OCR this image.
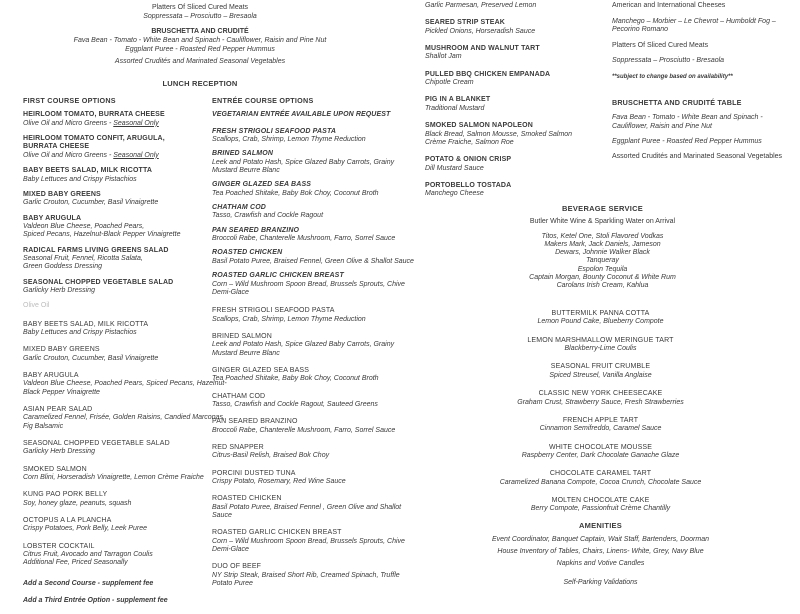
Platters Of Sliced Cured Meats
Soppressata – Prosciutto – Bresaola
BRUSCHETTA AND CRUDITÉ
Fava Bean - Tomato - White Bean and Spinach - Cauliflower, Raisin and Pine Nut
Eggplant Puree - Roasted Red Pepper Hummus
Assorted Crudités and Marinated Seasonal Vegetables
LUNCH RECEPTION
Garlic Parmesan, Preserved Lemon
SEARED STRIP STEAK
Pickled Onions, Horseradish Sauce
MUSHROOM AND WALNUT TART
Shallot Jam
PULLED BBQ CHICKEN EMPANADA
Chipotle Cream
PIG IN A BLANKET
Traditional Mustard
SMOKED SALMON NAPOLEON
Black Bread, Salmon Mousse, Smoked Salmon
Crème Fraiche, Salmon Roe
POTATO & ONION CRISP
Dill Mustard Sauce
PORTOBELLO TOSTADA
Manchego Cheese
American and International Cheeses
Manchego – Morbier – Le Chevrot – Humboldt Fog –
Pecorino Romano
Platters Of Sliced Cured Meats
Soppressata – Prosciutto - Bresaola
**subject to change based on availability**
FIRST COURSE OPTIONS
HEIRLOOM TOMATO, BURRATA CHEESE
Olive Oil and Micro Greens - Seasonal Only
HEIRLOOM TOMATO CONFIT, ARUGULA, BURRATA CHEESE
Olive Oil and Micro Greens - Seasonal Only
BABY BEETS SALAD, MILK RICOTTA
Baby Lettuces and Crispy Pistachios
MIXED BABY GREENS
Garlic Crouton, Cucumber, Basil Vinaigrette
BABY ARUGULA
Valdeon Blue Cheese, Poached Pears,
Spiced Pecans, Hazelnut-Black Pepper Vinaigrette
RADICAL FARMS LIVING GREENS SALAD
Seasonal Fruit, Fennel, Ricotta Salata,
Green Goddess Dressing
SEASONAL CHOPPED VEGETABLE SALAD
Garlicky Herb Dressing
Olive Oil
BABY BEETS SALAD, MILK RICOTTA
Baby Lettuces and Crispy Pistachios
MIXED BABY GREENS
Garlic Crouton, Cucumber, Basil Vinaigrette
BABY ARUGULA
Valdeon Blue Cheese, Poached Pears, Spiced Pecans, Hazelnut-
Black Pepper Vinaigrette
ASIAN PEAR SALAD
Caramelized Fennel, Frisée, Golden Raisins, Candied Marconas,
Fig Balsamic
SEASONAL CHOPPED VEGETABLE SALAD
Garlicky Herb Dressing
SMOKED SALMON
Corn Blini, Horseradish Vinaigrette, Lemon Crème Fraiche
KUNG PAO PORK BELLY
Soy, honey glaze, peanuts, squash
OCTOPUS A LA PLANCHA
Crispy Potatoes, Pork Belly, Leek Puree
LOBSTER COCKTAIL
Citrus Fruit, Avocado and Tarragon Coulis
Additional Fee, Priced Seasonally
Add a Second Course - supplement fee
Add a Third Entrée Option - supplement fee
ENTRÉE COURSE OPTIONS
VEGETARIAN ENTRÉE AVAILABLE UPON REQUEST
FRESH STRIGOLI SEAFOOD PASTA
Scallops, Crab, Shrimp, Lemon Thyme Reduction
BRINED SALMON
Leek and Potato Hash, Spice Glazed Baby Carrots, Grainy
Mustard Beurre Blanc
GINGER GLAZED SEA BASS
Tea Poached Shitake, Baby Bok Choy, Coconut Broth
CHATHAM COD
Tasso, Crawfish and Cockle Ragout
PAN SEARED BRANZINO
Broccoli Rabe, Chanterelle Mushroom, Farro, Sorrel Sauce
ROASTED CHICKEN
Basil Potato Puree, Braised Fennel, Green Olive & Shallot Sauce
ROASTED GARLIC CHICKEN BREAST
Corn – Wild Mushroom Spoon Bread, Brussels Sprouts, Chive
Demi-Glace
FRESH STRIGOLI SEAFOOD PASTA
Scallops, Crab, Shrimp, Lemon Thyme Reduction
BRINED SALMON
Leek and Potato Hash, Spice Glazed Baby Carrots, Grainy
Mustard Beurre Blanc
GINGER GLAZED SEA BASS
Tea Poached Shitake, Baby Bok Choy, Coconut Broth
CHATHAM COD
Tasso, Crawfish and Cockle Ragout, Sauteed Greens
PAN SEARED BRANZINO
Broccoli Rabe, Chanterelle Mushroom, Farro, Sorrel Sauce
RED SNAPPER
Citrus-Basil Relish, Braised Bok Choy
PORCINI DUSTED TUNA
Crispy Potato, Rosemary, Red Wine Sauce
ROASTED CHICKEN
Basil Potato Puree, Braised Fennel , Green Olive and Shallot
Sauce
ROASTED GARLIC CHICKEN BREAST
Corn – Wild Mushroom Spoon Bread, Brussels Sprouts, Chive
Demi-Glace
DUO OF BEEF
NY Strip Steak, Braised Short Rib, Creamed Spinach, Truffle
Potato Puree
BRUSCHETTA AND CRUDITÉ TABLE
Fava Bean - Tomato - White Bean and Spinach -
Cauliflower, Raisin and Pine Nut
Eggplant Puree - Roasted Red Pepper Hummus
Assorted Crudités and Marinated Seasonal Vegetables
BEVERAGE SERVICE
Butler White Wine & Sparkling Water on Arrival
Titos, Ketel One, Stoli Flavored Vodkas
Makers Mark, Jack Daniels, Jameson
Dewars, Johnnie Walker Black
Tanqueray
Espolon Tequila
Captain Morgan, Bounty Coconut & White Rum
Carolans Irish Cream, Kahlua
BUTTERMILK PANNA COTTA
Lemon Pound Cake, Blueberry Compote
LEMON MARSHMALLOW MERINGUE TART
Blackberry-Lime Coulis
SEASONAL FRUIT CRUMBLE
Spiced Streusel, Vanilla Anglaise
CLASSIC NEW YORK CHEESECAKE
Graham Crust, Strawberry Sauce, Fresh Strawberries
FRENCH APPLE TART
Cinnamon Semifreddo, Caramel Sauce
WHITE CHOCOLATE MOUSSE
Raspberry Center, Dark Chocolate Ganache Glaze
CHOCOLATE CARAMEL TART
Caramelized Banana Compote, Cocoa Crunch, Chocolate Sauce
MOLTEN CHOCOLATE CAKE
Berry Compote, Passionfruit Crème Chantilly
AMENITIES
Event Coordinator, Banquet Captain, Wait Staff, Bartenders, Doorman
House Inventory of Tables, Chairs, Linens- White, Grey, Navy Blue
Napkins and Votive Candles
Self-Parking Validations
